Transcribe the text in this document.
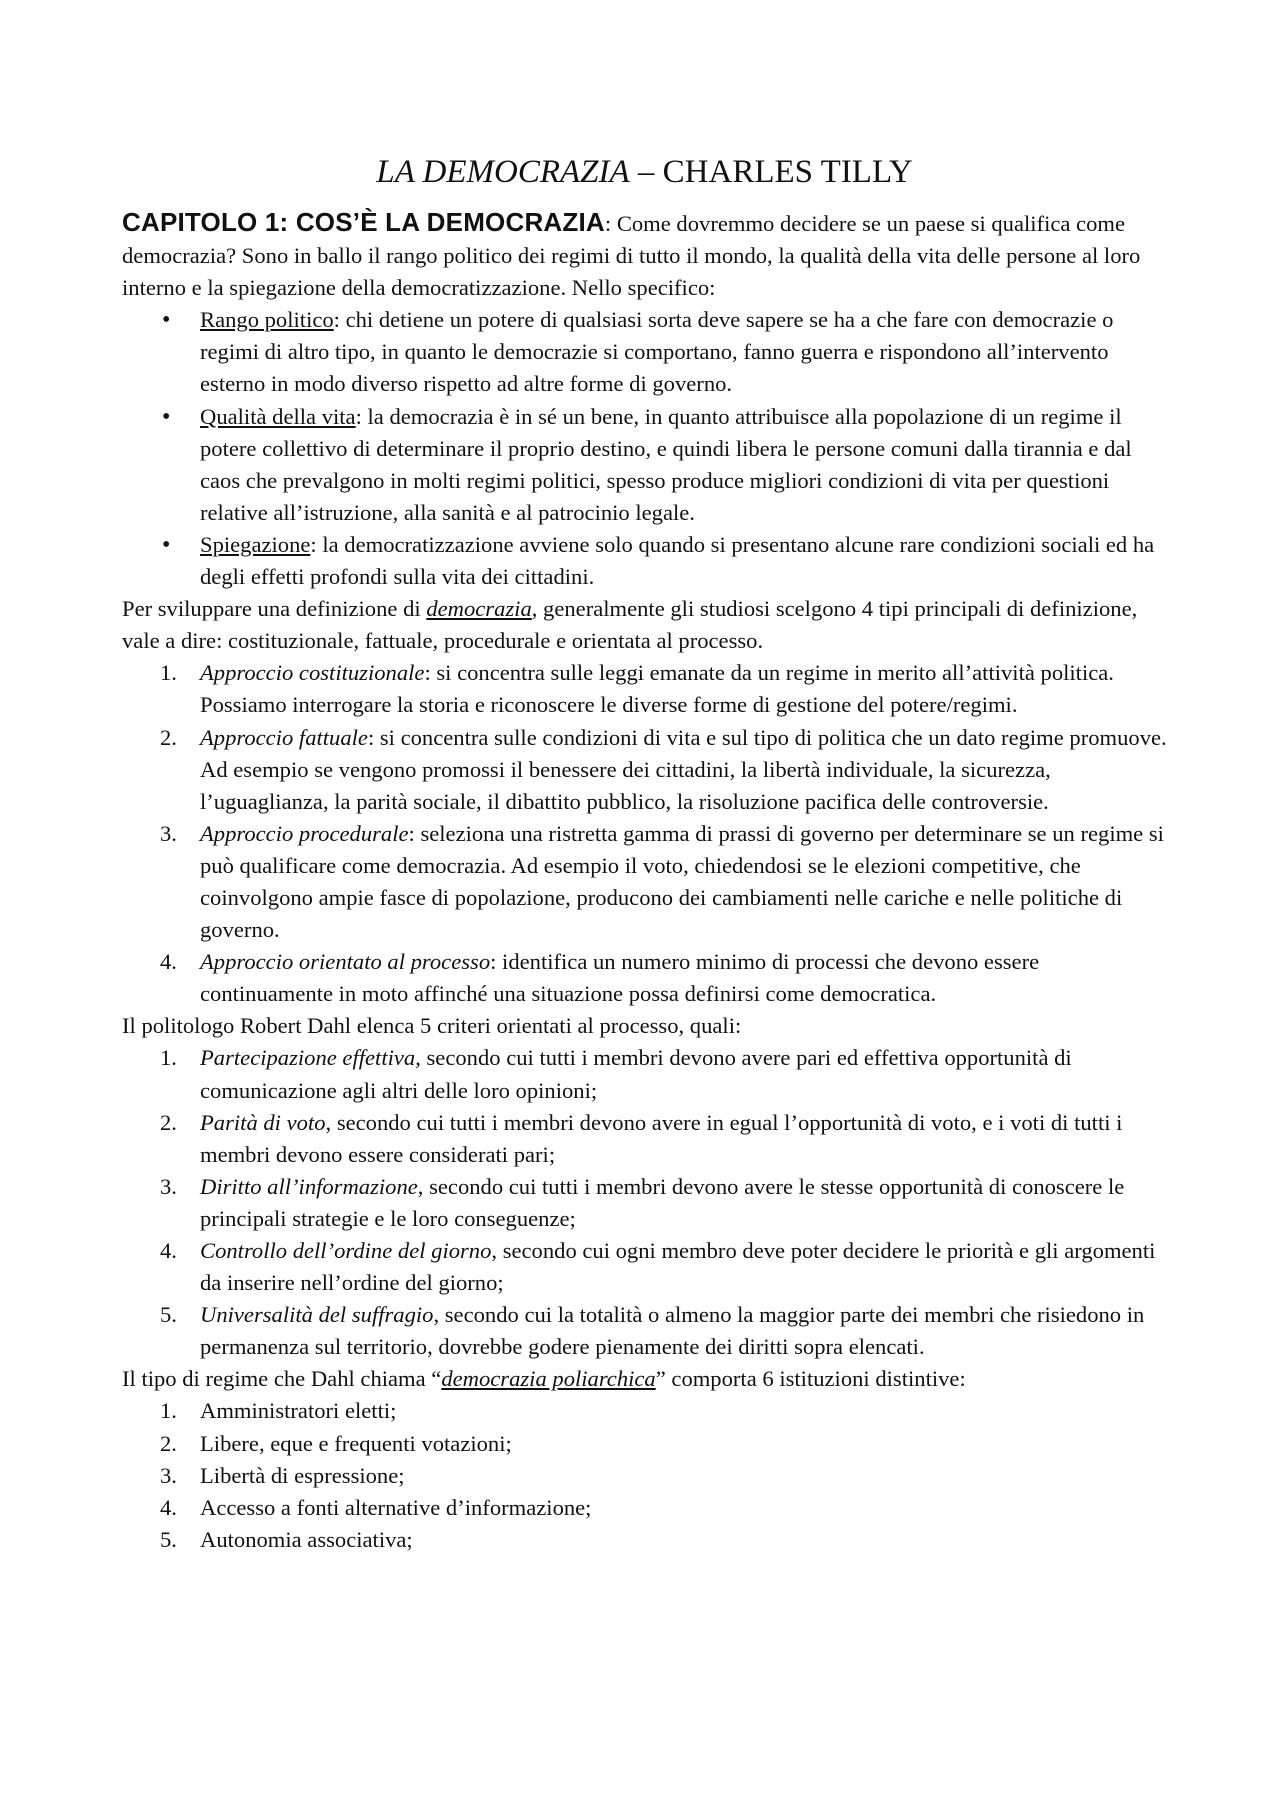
LA DEMOCRAZIA – CHARLES TILLY

CAPITOLO 1: COS’È LA DEMOCRAZIA: Come dovremmo decidere se un paese si qualifica come democrazia? Sono in ballo il rango politico dei regimi di tutto il mondo, la qualità della vita delle persone al loro interno e la spiegazione della democratizzazione. Nello specifico:

• Rango politico: chi detiene un potere di qualsiasi sorta deve sapere se ha a che fare con democrazie o regimi di altro tipo, in quanto le democrazie si comportano, fanno guerra e rispondono all’intervento esterno in modo diverso rispetto ad altre forme di governo.
• Qualità della vita: la democrazia è in sé un bene, in quanto attribuisce alla popolazione di un regime il potere collettivo di determinare il proprio destino, e quindi libera le persone comuni dalla tirannia e dal caos che prevalgono in molti regimi politici, spesso produce migliori condizioni di vita per questioni relative all’istruzione, alla sanità e al patrocinio legale.
• Spiegazione: la democratizzazione avviene solo quando si presentano alcune rare condizioni sociali ed ha degli effetti profondi sulla vita dei cittadini.

Per sviluppare una definizione di democrazia, generalmente gli studiosi scelgono 4 tipi principali di definizione, vale a dire: costituzionale, fattuale, procedurale e orientata al processo.

1. Approccio costituzionale: si concentra sulle leggi emanate da un regime in merito all’attività politica. Possiamo interrogare la storia e riconoscere le diverse forme di gestione del potere/regimi.
2. Approccio fattuale: si concentra sulle condizioni di vita e sul tipo di politica che un dato regime promuove. Ad esempio se vengono promossi il benessere dei cittadini, la libertà individuale, la sicurezza, l’uguaglianza, la parità sociale, il dibattito pubblico, la risoluzione pacifica delle controversie.
3. Approccio procedurale: seleziona una ristretta gamma di prassi di governo per determinare se un regime si può qualificare come democrazia. Ad esempio il voto, chiedendosi se le elezioni competitive, che coinvolgono ampie fasce di popolazione, producono dei cambiamenti nelle cariche e nelle politiche di governo.
4. Approccio orientato al processo: identifica un numero minimo di processi che devono essere continuamente in moto affinché una situazione possa definirsi come democratica.

Il politologo Robert Dahl elenca 5 criteri orientati al processo, quali:

1. Partecipazione effettiva, secondo cui tutti i membri devono avere pari ed effettiva opportunità di comunicazione agli altri delle loro opinioni;
2. Parità di voto, secondo cui tutti i membri devono avere in egual l’opportunità di voto, e i voti di tutti i membri devono essere considerati pari;
3. Diritto all’informazione, secondo cui tutti i membri devono avere le stesse opportunità di conoscere le principali strategie e le loro conseguenze;
4. Controllo dell’ordine del giorno, secondo cui ogni membro deve poter decidere le priorità e gli argomenti da inserire nell’ordine del giorno;
5. Universalità del suffragio, secondo cui la totalità o almeno la maggior parte dei membri che risiedono in permanenza sul territorio, dovrebbe godere pienamente dei diritti sopra elencati.

Il tipo di regime che Dahl chiama “democrazia poliarchica” comporta 6 istituzioni distintive:

1. Amministratori eletti;
2. Libere, eque e frequenti votazioni;
3. Libertà di espressione;
4. Accesso a fonti alternative d’informazione;
5. Autonomia associativa;
